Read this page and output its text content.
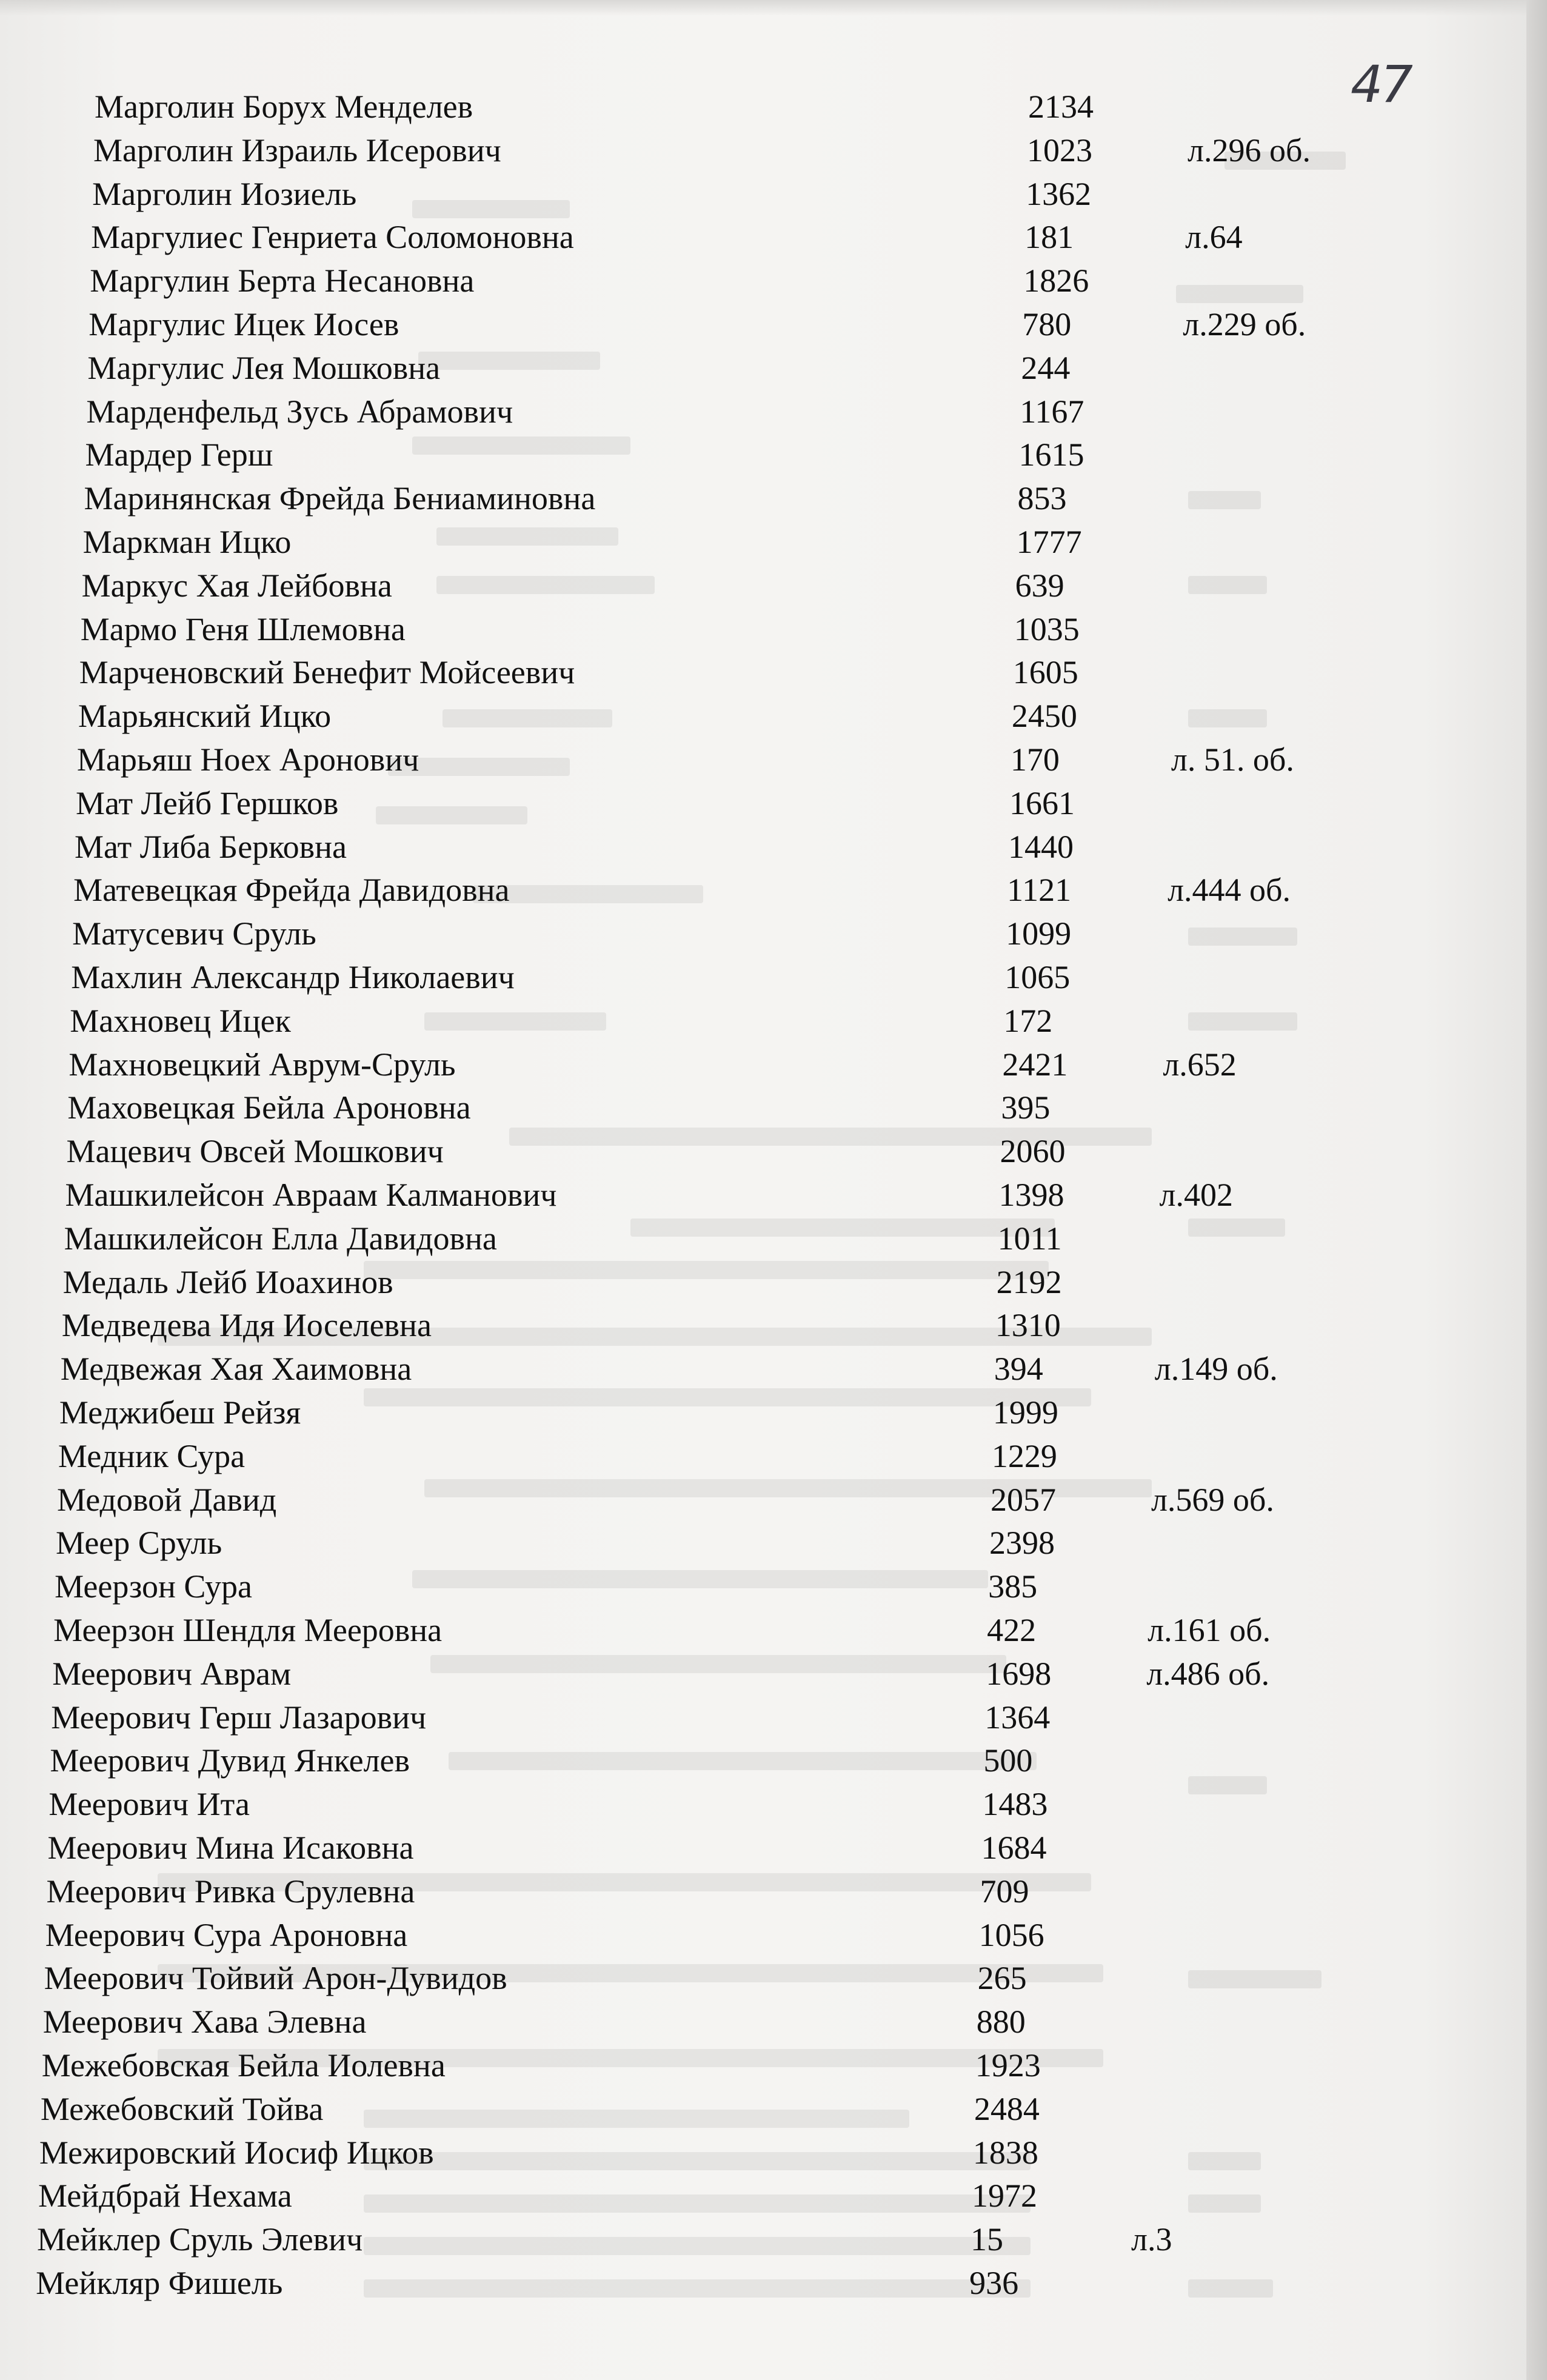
47
Марголин Борух Менделев	2134
Марголин Израиль Исерович	1023	л.296 об.
Марголин Иозиель	1362
Маргулиес Генриета Соломоновна	181	л.64
Маргулин Берта Несановна	1826
Маргулис Ицек Иосев	780	л.229 об.
Маргулис Лея Мошковна	244
Марденфельд Зусь Абрамович	1167
Мардер Герш	1615
Маринянская Фрейда Бениаминовна	853
Маркман Ицко	1777
Маркус Хая Лейбовна	639
Мармо Геня Шлемовна	1035
Марченовский Бенефит Мойсеевич	1605
Марьянский Ицко	2450
Марьяш Ноех Аронович	170	л. 51. об.
Мат Лейб Гершков	1661
Мат Либа Берковна	1440
Матевецкая Фрейда Давидовна	1121	л.444 об.
Матусевич Сруль	1099
Махлин Александр Николаевич	1065
Махновец Ицек	172
Махновецкий Аврум-Сруль	2421	л.652
Маховецкая Бейла Ароновна	395
Мацевич Овсей Мошкович	2060
Машкилейсон Авраам Калманович	1398	л.402
Машкилейсон Елла Давидовна	1011
Медаль Лейб Иоахинов	2192
Медведева Идя Иоселевна	1310
Медвежая Хая Хаимовна	394	л.149 об.
Меджибеш Рейзя	1999
Медник Сура	1229
Медовой Давид	2057	л.569 об.
Меер Сруль	2398
Меерзон Сура	385
Меерзон Шендля Мееровна	422	л.161 об.
Меерович Аврам	1698	л.486 об.
Меерович Герш Лазарович	1364
Меерович Дувид Янкелев	500
Меерович Ита	1483
Меерович Мина Исаковна	1684
Меерович Ривка Срулевна	709
Меерович Сура Ароновна	1056
Меерович Тойвий Арон-Дувидов	265
Меерович Хава Элевна	880
Межебовская Бейла Иолевна	1923
Межебовский Тойва	2484
Межировский Иосиф Ицков	1838
Мейдбрай Нехама	1972
Мейклер Сруль Элевич	15	л.3
Мейкляр Фишель	936
